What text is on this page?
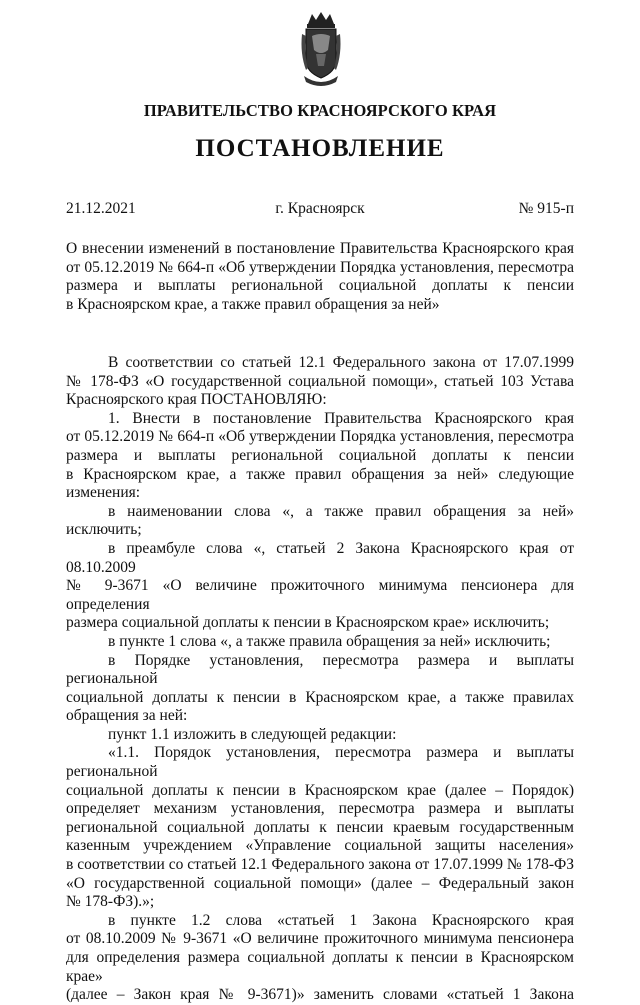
ПРАВИТЕЛЬСТВО КРАСНОЯРСКОГО КРАЯ
ПОСТАНОВЛЕНИЕ
21.12.2021	г. Красноярск	№ 915-п
О внесении изменений в постановление Правительства Красноярского края
от 05.12.2019 № 664-п «Об утверждении Порядка установления, пересмотра
размера и выплаты региональной социальной доплаты к пенсии
в Красноярском крае, а также правил обращения за ней»
В соответствии со статьей 12.1 Федерального закона от 17.07.1999
№ 178-ФЗ «О государственной социальной помощи», статьей 103 Устава
Красноярского края ПОСТАНОВЛЯЮ:
1. Внести в постановление Правительства Красноярского края
от 05.12.2019 № 664-п «Об утверждении Порядка установления, пересмотра
размера и выплаты региональной социальной доплаты к пенсии
в Красноярском крае, а также правил обращения за ней» следующие изменения:
в наименовании слова «, а также правил обращения за ней» исключить;
в преамбуле слова «, статьей 2 Закона Красноярского края от 08.10.2009
№ 9-3671 «О величине прожиточного минимума пенсионера для определения
размера социальной доплаты к пенсии в Красноярском крае» исключить;
в пункте 1 слова «, а также правила обращения за ней» исключить;
в Порядке установления, пересмотра размера и выплаты региональной
социальной доплаты к пенсии в Красноярском крае, а также правилах
обращения за ней:
пункт 1.1 изложить в следующей редакции:
«1.1. Порядок установления, пересмотра размера и выплаты региональной
социальной доплаты к пенсии в Красноярском крае (далее – Порядок)
определяет механизм установления, пересмотра размера и выплаты
региональной социальной доплаты к пенсии краевым государственным
казенным учреждением «Управление социальной защиты населения»
в соответствии со статьей 12.1 Федерального закона от 17.07.1999 № 178-ФЗ
«О государственной социальной помощи» (далее – Федеральный закон
№ 178-ФЗ).»;
в пункте 1.2 слова «статьей 1 Закона Красноярского края
от 08.10.2009 № 9-3671 «О величине прожиточного минимума пенсионера
для определения размера социальной доплаты к пенсии в Красноярском крае»
(далее – Закон края № 9-3671)» заменить словами «статьей 1 Закона
